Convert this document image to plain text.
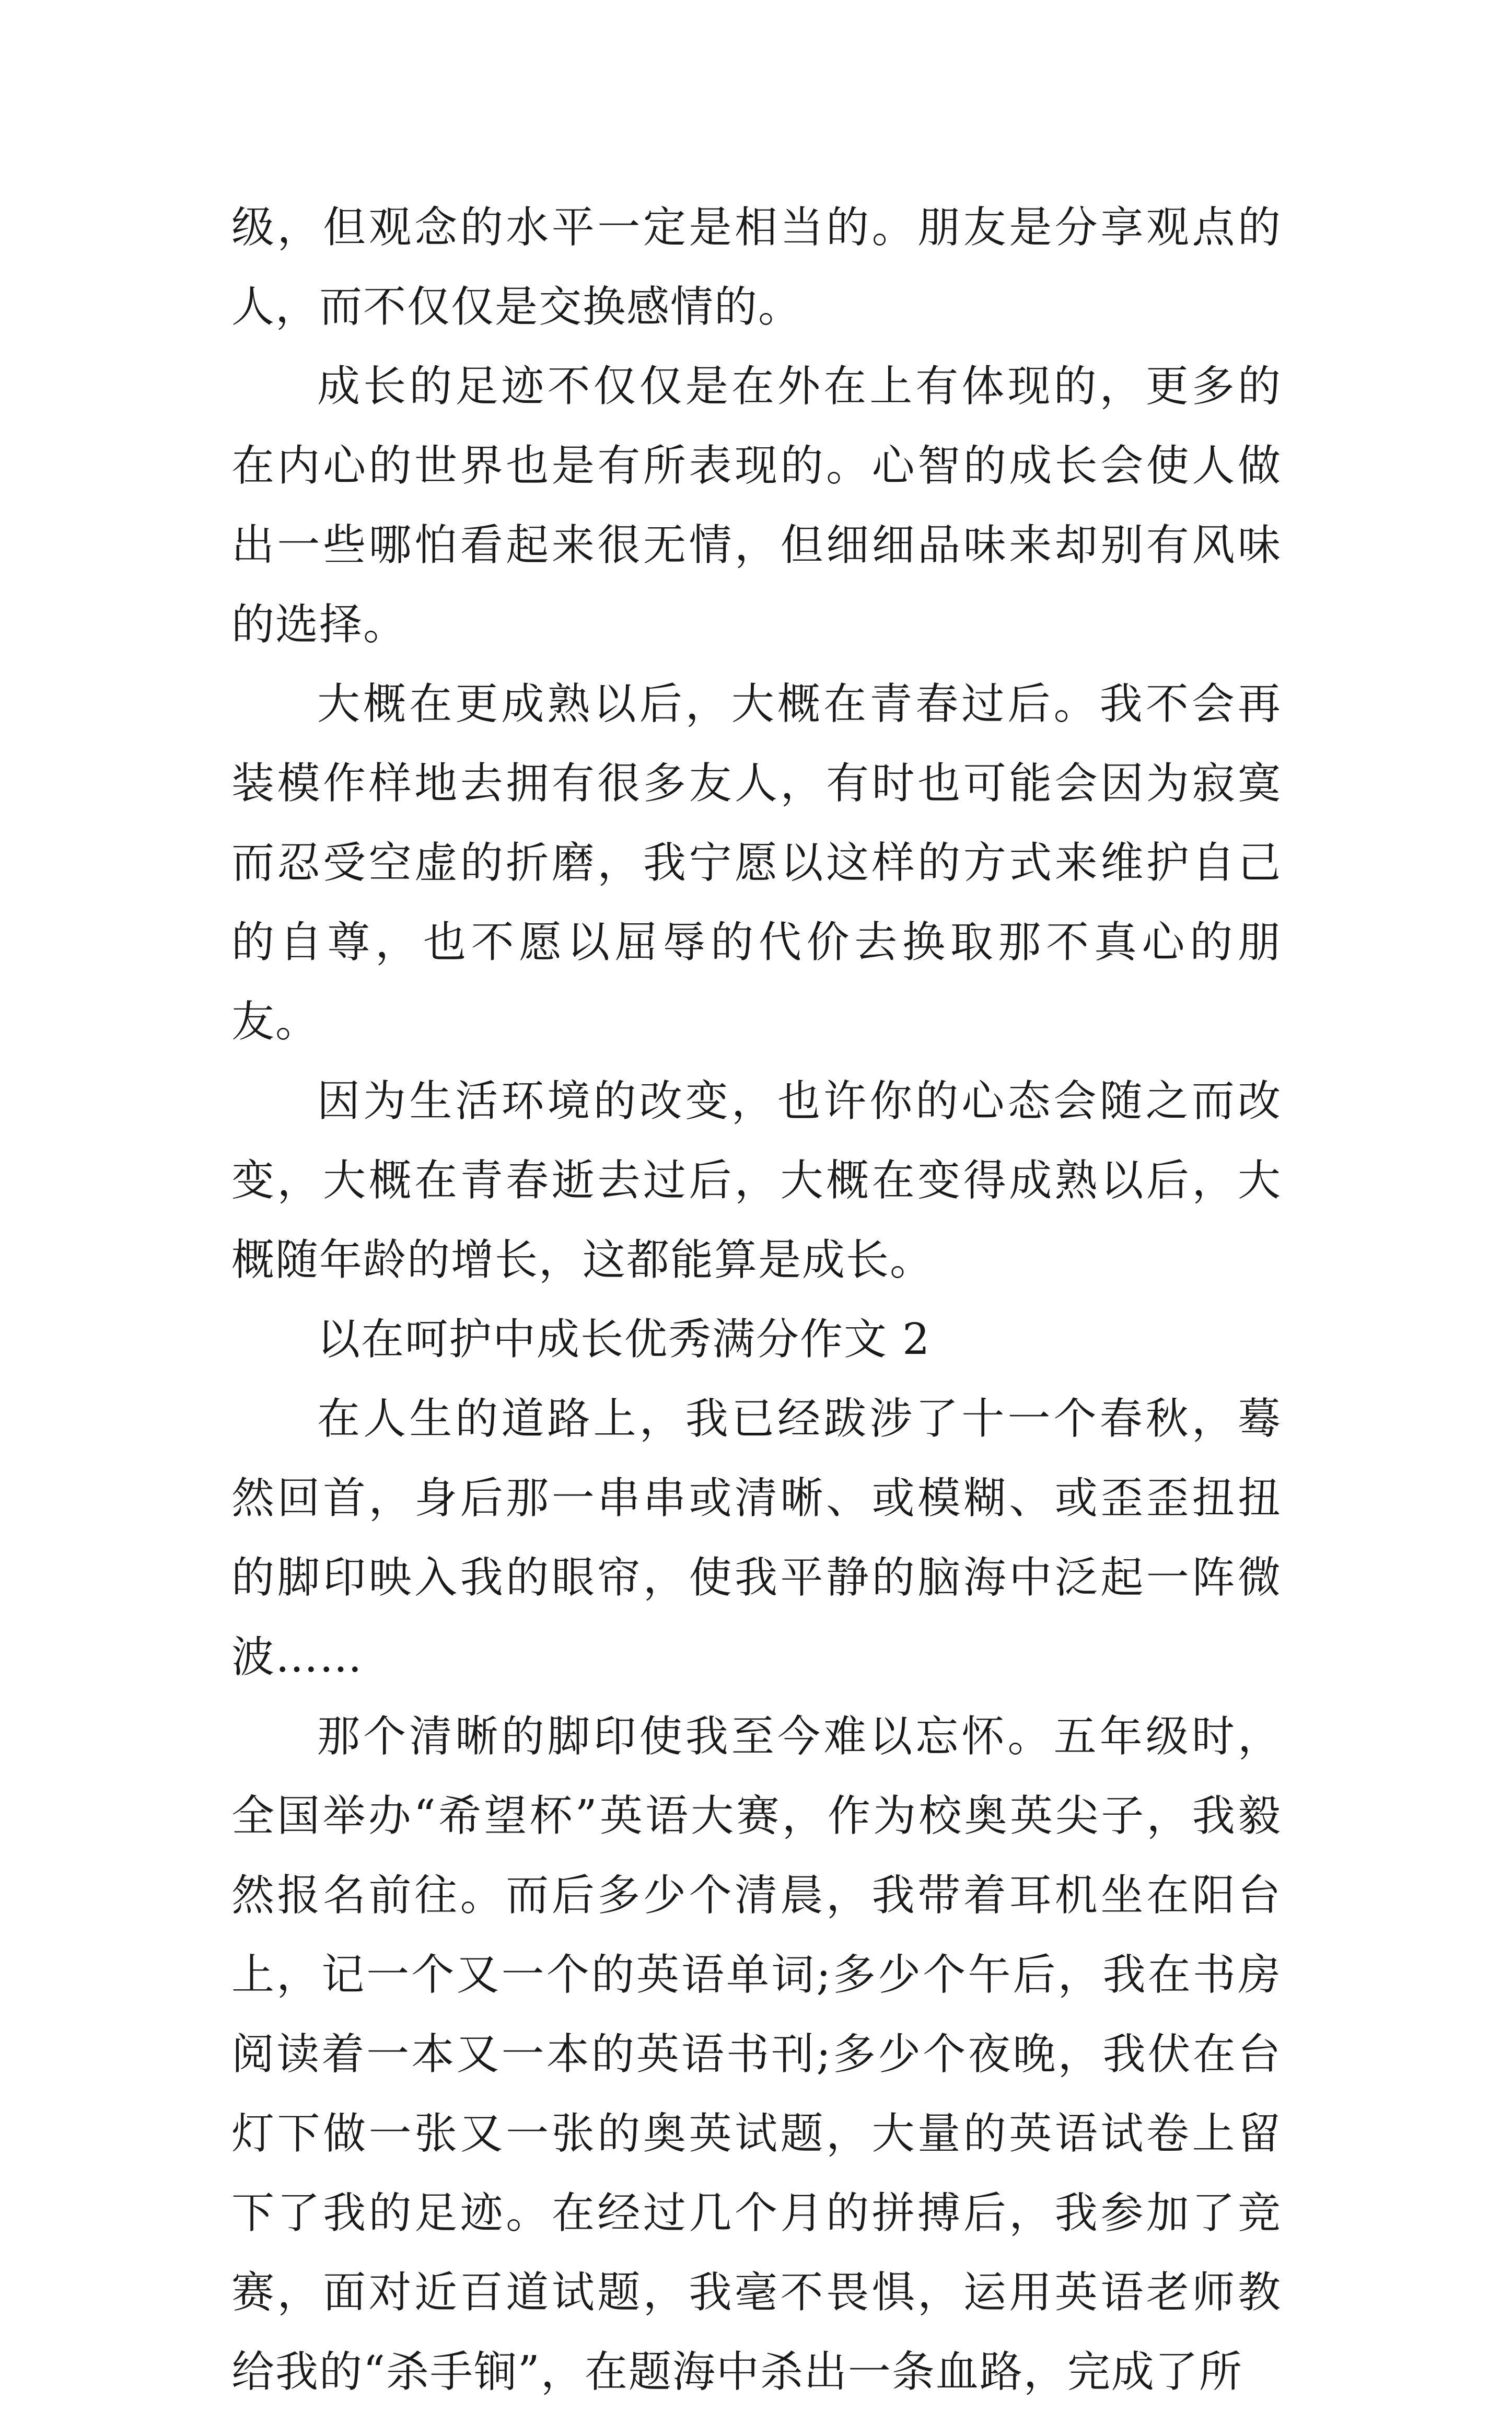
级，但观念的水平一定是相当的。朋友是分享观点的人，而不仅仅是交换感情的。

成长的足迹不仅仅是在外在上有体现的，更多的在内心的世界也是有所表现的。心智的成长会使人做出一些哪怕看起来很无情，但细细品味来却别有风味的选择。

大概在更成熟以后，大概在青春过后。我不会再装模作样地去拥有很多友人，有时也可能会因为寂寞而忍受空虚的折磨，我宁愿以这样的方式来维护自己的自尊，也不愿以屈辱的代价去换取那不真心的朋友。

因为生活环境的改变，也许你的心态会随之而改变，大概在青春逝去过后，大概在变得成熟以后，大概随年龄的增长，这都能算是成长。

以在呵护中成长优秀满分作文 2

在人生的道路上，我已经跋涉了十一个春秋，蓦然回首，身后那一串串或清晰、或模糊、或歪歪扭扭的脚印映入我的眼帘，使我平静的脑海中泛起一阵微波……

那个清晰的脚印使我至今难以忘怀。五年级时，全国举办“希望杯”英语大赛，作为校奥英尖子，我毅然报名前往。而后多少个清晨，我带着耳机坐在阳台上，记一个又一个的英语单词;多少个午后，我在书房阅读着一本又一本的英语书刊;多少个夜晚，我伏在台灯下做一张又一张的奥英试题，大量的英语试卷上留下了我的足迹。在经过几个月的拼搏后，我参加了竞赛，面对近百道试题，我毫不畏惧，运用英语老师教给我的“杀手锏”，在题海中杀出一条血路，完成了所
